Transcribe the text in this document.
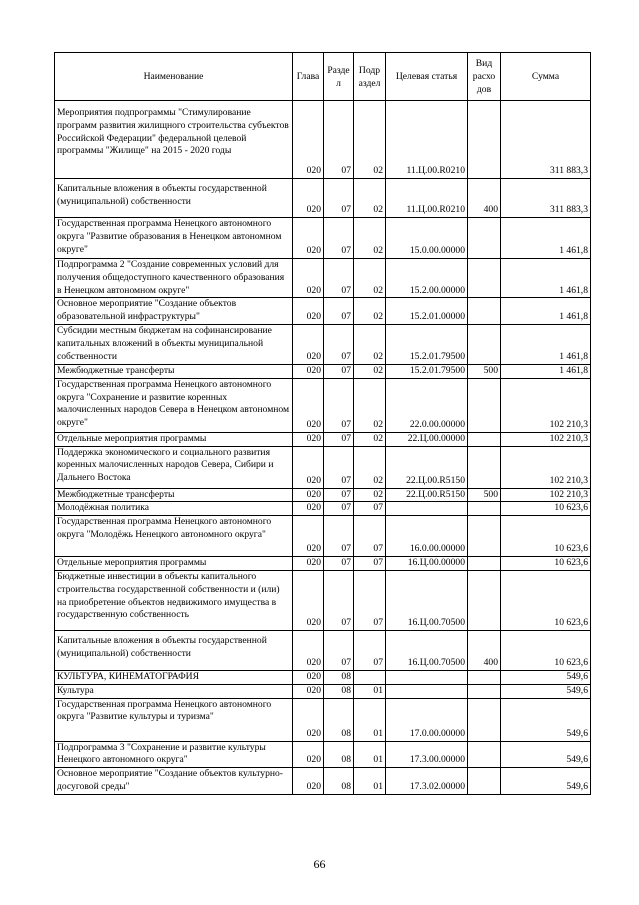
Наименование	Глава	Разде л	Подр аздел	Целевая статья	Вид расхо дов	Сумма
Мероприятия подпрограммы "Стимулирование программ развития жилищного строительства субъектов Российской Федерации" федеральной целевой программы "Жилище" на 2015 - 2020 годы	020	07	02	11.Ц.00.R0210		311 883,3
Капитальные вложения в объекты государственной (муниципальной) собственности	020	07	02	11.Ц.00.R0210	400	311 883,3
Государственная программа Ненецкого автономного округа "Развитие образования в Ненецком автономном округе"	020	07	02	15.0.00.00000		1 461,8
Подпрограмма 2 "Создание современных условий для получения общедоступного качественного образования в Ненецком автономном округе"	020	07	02	15.2.00.00000		1 461,8
Основное мероприятие "Создание объектов образовательной инфраструктуры"	020	07	02	15.2.01.00000		1 461,8
Субсидии местным бюджетам на софинансирование капитальных вложений в объекты муниципальной собственности	020	07	02	15.2.01.79500		1 461,8
Межбюджетные трансферты	020	07	02	15.2.01.79500	500	1 461,8
Государственная программа Ненецкого автономного округа "Сохранение и развитие коренных малочисленных народов Севера в Ненецком автономном округе"	020	07	02	22.0.00.00000		102 210,3
Отдельные мероприятия программы	020	07	02	22.Ц.00.00000		102 210,3
Поддержка экономического и социального развития коренных малочисленных народов Севера, Сибири и Дальнего Востока	020	07	02	22.Ц.00.R5150		102 210,3
Межбюджетные трансферты	020	07	02	22.Ц.00.R5150	500	102 210,3
Молодёжная политика	020	07	07			10 623,6
Государственная программа Ненецкого автономного округа "Молодёжь Ненецкого автономного округа"	020	07	07	16.0.00.00000		10 623,6
Отдельные мероприятия программы	020	07	07	16.Ц.00.00000		10 623,6
Бюджетные инвестиции в объекты капитального строительства государственной собственности и (или) на приобретение объектов недвижимого имущества в государственную собственность	020	07	07	16.Ц.00.70500		10 623,6
Капитальные вложения в объекты государственной (муниципальной) собственности	020	07	07	16.Ц.00.70500	400	10 623,6
КУЛЬТУРА, КИНЕМАТОГРАФИЯ	020	08				549,6
Культура	020	08	01			549,6
Государственная программа Ненецкого автономного округа "Развитие культуры и туризма"	020	08	01	17.0.00.00000		549,6
Подпрограмма 3 "Сохранение и развитие культуры Ненецкого автономного округа"	020	08	01	17.3.00.00000		549,6
Основное мероприятие "Создание объектов культурно-досуговой среды"	020	08	01	17.3.02.00000		549,6
66
